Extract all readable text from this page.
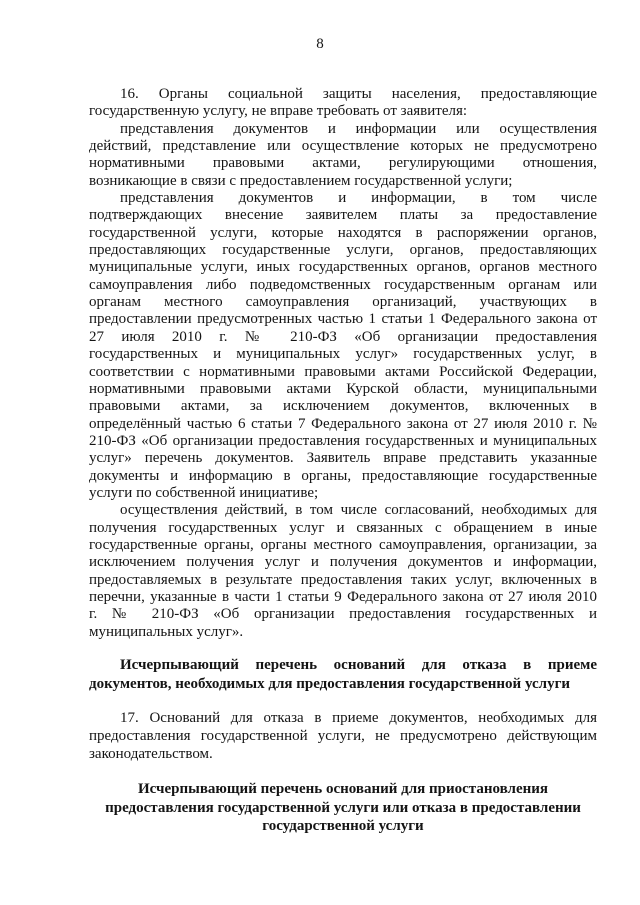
8
16. Органы социальной защиты населения, предоставляющие
государственную услугу, не вправе требовать от заявителя:
представления документов и информации или осуществления
действий, представление или осуществление которых не предусмотрено
нормативными правовыми актами, регулирующими отношения,
возникающие в связи с предоставлением государственной услуги;
представления документов и информации, в том числе
подтверждающих внесение заявителем платы за предоставление
государственной услуги, которые находятся в распоряжении органов,
предоставляющих государственные услуги, органов, предоставляющих
муниципальные услуги, иных государственных органов, органов местного
самоуправления либо подведомственных государственным органам или
органам местного самоуправления организаций, участвующих в
предоставлении предусмотренных частью 1 статьи 1 Федерального закона от
27 июля 2010 г. № 210-ФЗ «Об организации предоставления
государственных и муниципальных услуг» государственных услуг, в
соответствии с нормативными правовыми актами Российской Федерации,
нормативными правовыми актами Курской области, муниципальными
правовыми актами, за исключением документов, включенных в
определённый частью 6 статьи 7 Федерального закона от 27 июля 2010 г. №
210-ФЗ «Об организации предоставления государственных и муниципальных
услуг» перечень документов. Заявитель вправе представить указанные
документы и информацию в органы, предоставляющие государственные
услуги по собственной инициативе;
осуществления действий, в том числе согласований, необходимых для
получения государственных услуг и связанных с обращением в иные
государственные органы, органы местного самоуправления, организации, за
исключением получения услуг и получения документов и информации,
предоставляемых в результате предоставления таких услуг, включенных в
перечни, указанные в части 1 статьи 9 Федерального закона от 27 июля 2010
г. № 210-ФЗ «Об организации предоставления государственных и
муниципальных услуг».
Исчерпывающий перечень оснований для отказа в приеме
документов, необходимых для предоставления государственной услуги
17. Оснований для отказа в приеме документов, необходимых для
предоставления государственной услуги, не предусмотрено действующим
законодательством.
Исчерпывающий перечень оснований для приостановления
предоставления государственной услуги или отказа в предоставлении
государственной услуги
